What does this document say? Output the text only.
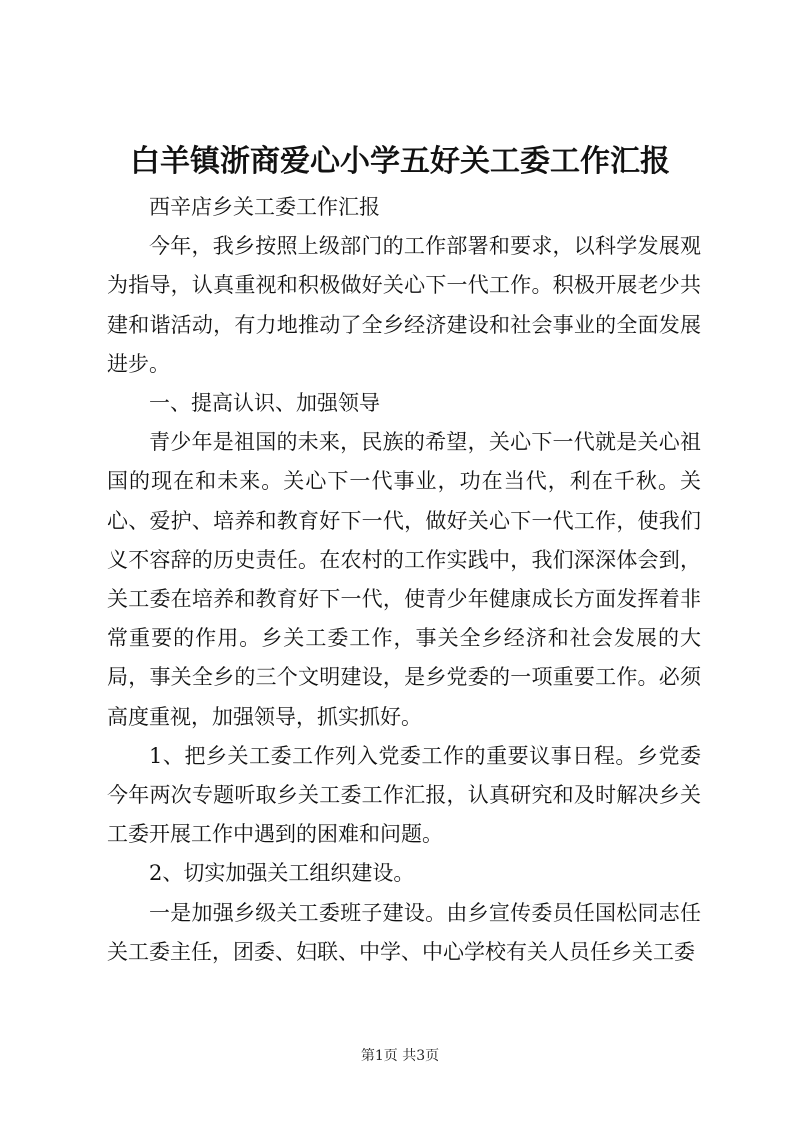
白羊镇浙商爱心小学五好关工委工作汇报

西辛店乡关工委工作汇报

今年，我乡按照上级部门的工作部署和要求，以科学发展观为指导，认真重视和积极做好关心下一代工作。积极开展老少共建和谐活动，有力地推动了全乡经济建设和社会事业的全面发展进步。

一、提高认识、加强领导

青少年是祖国的未来，民族的希望，关心下一代就是关心祖国的现在和未来。关心下一代事业，功在当代，利在千秋。关心、爱护、培养和教育好下一代，做好关心下一代工作，使我们义不容辞的历史责任。在农村的工作实践中，我们深深体会到，关工委在培养和教育好下一代，使青少年健康成长方面发挥着非常重要的作用。乡关工委工作，事关全乡经济和社会发展的大局，事关全乡的三个文明建设，是乡党委的一项重要工作。必须高度重视，加强领导，抓实抓好。

1、把乡关工委工作列入党委工作的重要议事日程。乡党委今年两次专题听取乡关工委工作汇报，认真研究和及时解决乡关工委开展工作中遇到的困难和问题。

2、切实加强关工组织建设。

一是加强乡级关工委班子建设。由乡宣传委员任国松同志任关工委主任，团委、妇联、中学、中心学校有关人员任乡关工委

第1页 共3页
